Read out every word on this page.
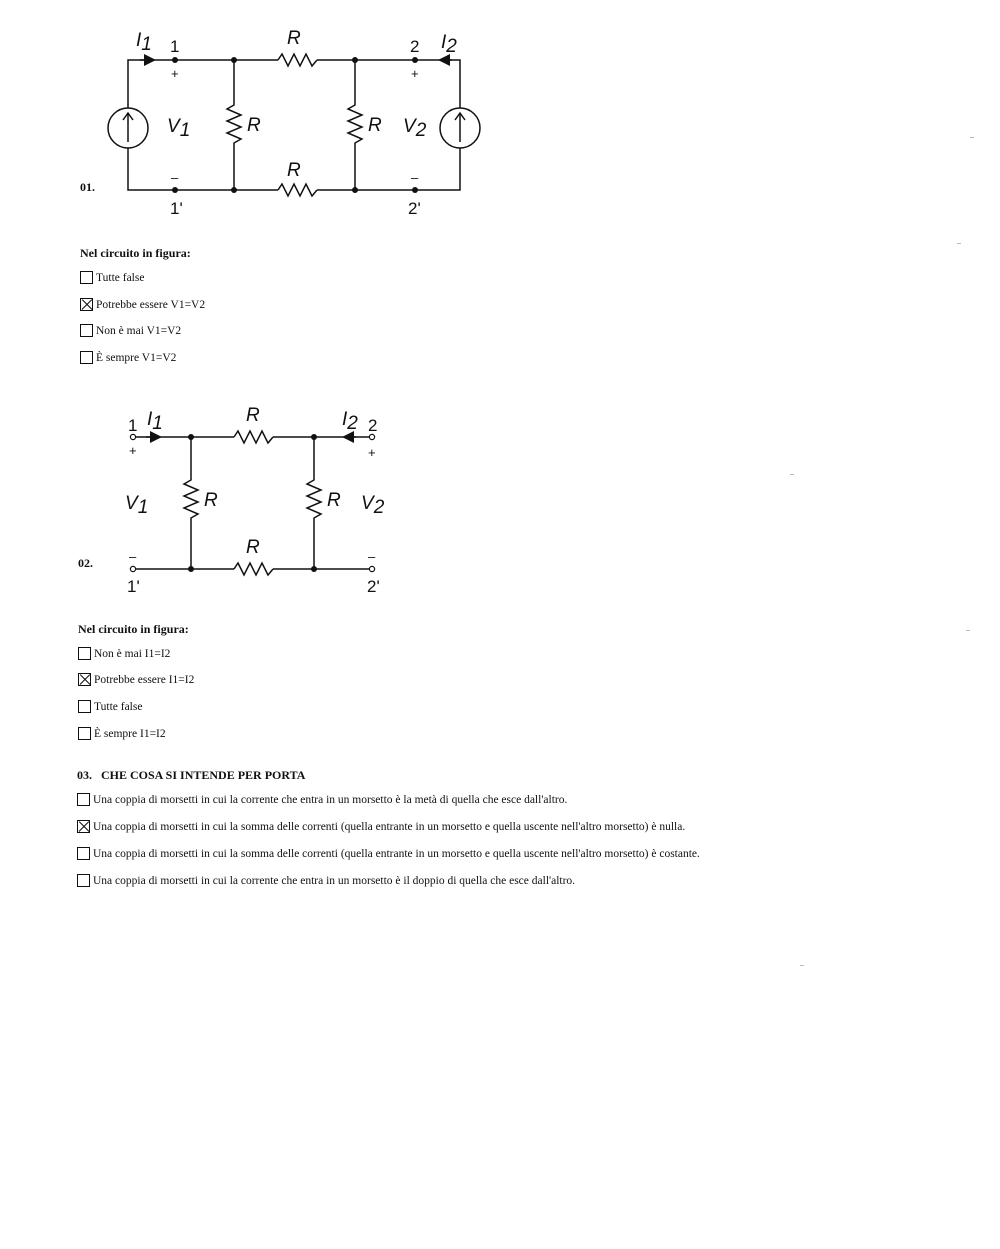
I1 1	R	2 I2
+	+
V1	R	R V2
R
–	–
1'	2'
1 I1	R	I2 2
+	+
V1	R	R V2
R
–	–
1'	2'
01.
Nel circuito in figura:
Tutte false
Potrebbe essere V1=V2
Non è mai V1=V2
È sempre V1=V2
02.
Nel circuito in figura:
Non è mai I1=I2
Potrebbe essere I1=I2
Tutte false
È sempre I1=I2
03. CHE COSA SI INTENDE PER PORTA
Una coppia di morsetti in cui la corrente che entra in un morsetto è la metà di quella che esce dall'altro.
Una coppia di morsetti in cui la somma delle correnti (quella entrante in un morsetto e quella uscente nell'altro morsetto) è nulla.
Una coppia di morsetti in cui la somma delle correnti (quella entrante in un morsetto e quella uscente nell'altro morsetto) è costante.
Una coppia di morsetti in cui la corrente che entra in un morsetto è il doppio di quella che esce dall'altro.
